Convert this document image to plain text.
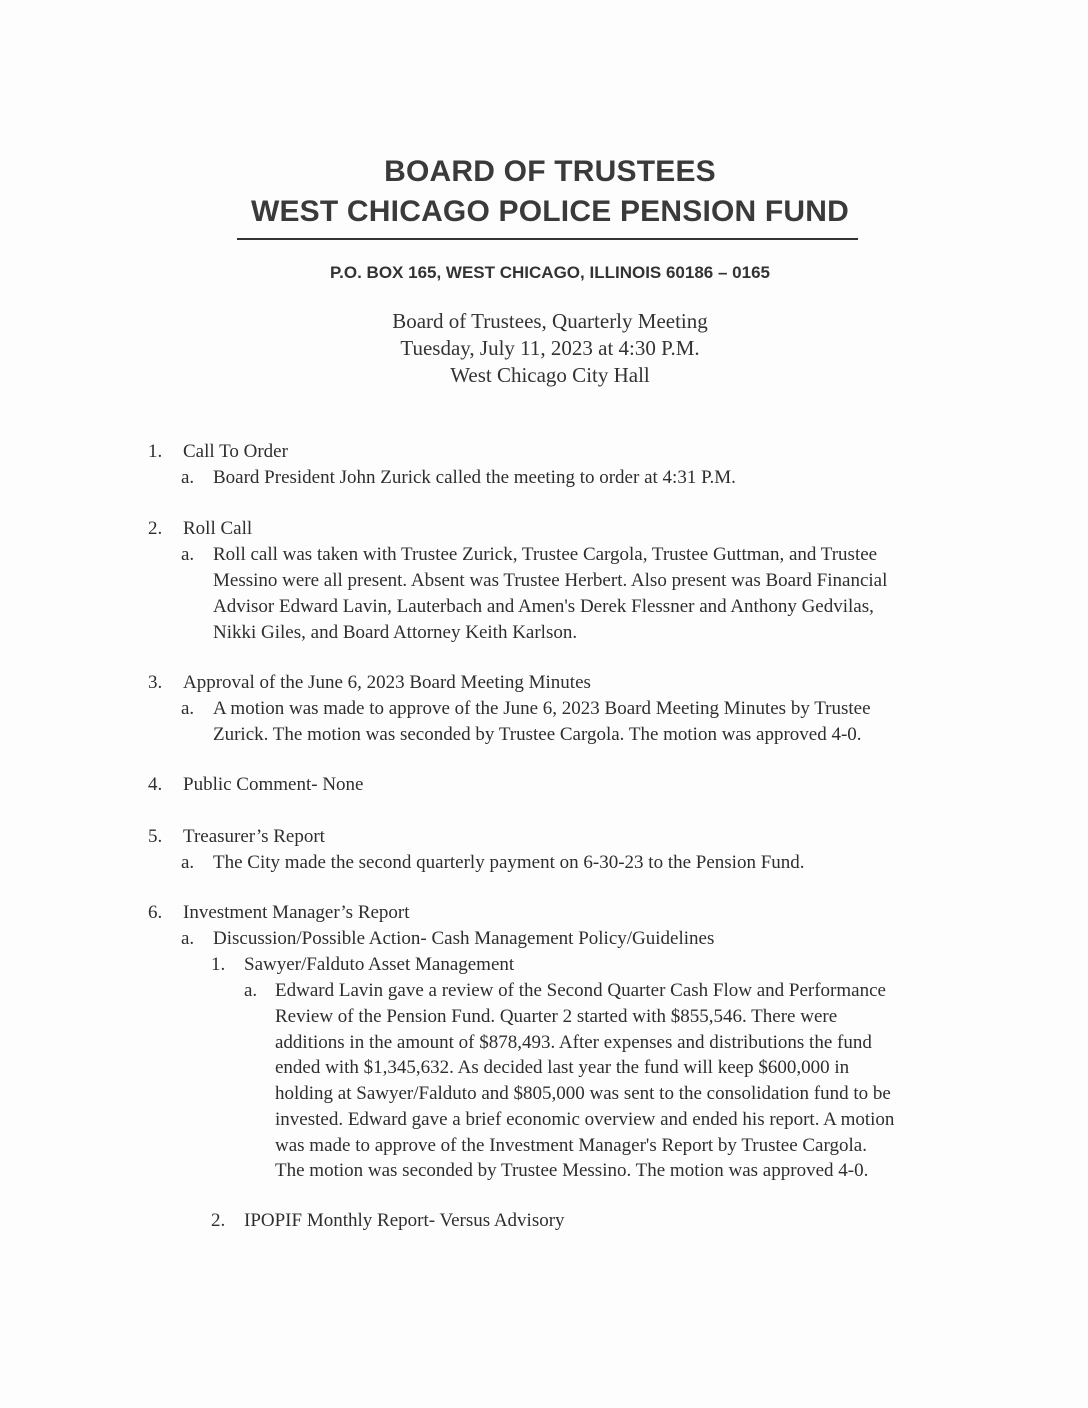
BOARD OF TRUSTEES
WEST CHICAGO POLICE PENSION FUND
P.O. BOX 165, WEST CHICAGO, ILLINOIS 60186 – 0165
Board of Trustees, Quarterly Meeting
Tuesday, July 11, 2023 at 4:30 P.M.
West Chicago City Hall
1. Call To Order
a. Board President John Zurick called the meeting to order at 4:31 P.M.
2. Roll Call
a. Roll call was taken with Trustee Zurick, Trustee Cargola, Trustee Guttman, and Trustee
Messino were all present. Absent was Trustee Herbert. Also present was Board Financial
Advisor Edward Lavin, Lauterbach and Amen's Derek Flessner and Anthony Gedvilas,
Nikki Giles, and Board Attorney Keith Karlson.
3. Approval of the June 6, 2023 Board Meeting Minutes
a. A motion was made to approve of the June 6, 2023 Board Meeting Minutes by Trustee
Zurick. The motion was seconded by Trustee Cargola. The motion was approved 4-0.
4. Public Comment- None
5. Treasurer’s Report
a. The City made the second quarterly payment on 6-30-23 to the Pension Fund.
6. Investment Manager’s Report
a. Discussion/Possible Action- Cash Management Policy/Guidelines
1. Sawyer/Falduto Asset Management
a. Edward Lavin gave a review of the Second Quarter Cash Flow and Performance
Review of the Pension Fund. Quarter 2 started with $855,546. There were
additions in the amount of $878,493. After expenses and distributions the fund
ended with $1,345,632. As decided last year the fund will keep $600,000 in
holding at Sawyer/Falduto and $805,000 was sent to the consolidation fund to be
invested. Edward gave a brief economic overview and ended his report. A motion
was made to approve of the Investment Manager's Report by Trustee Cargola.
The motion was seconded by Trustee Messino. The motion was approved 4-0.
2. IPOPIF Monthly Report- Versus Advisory
